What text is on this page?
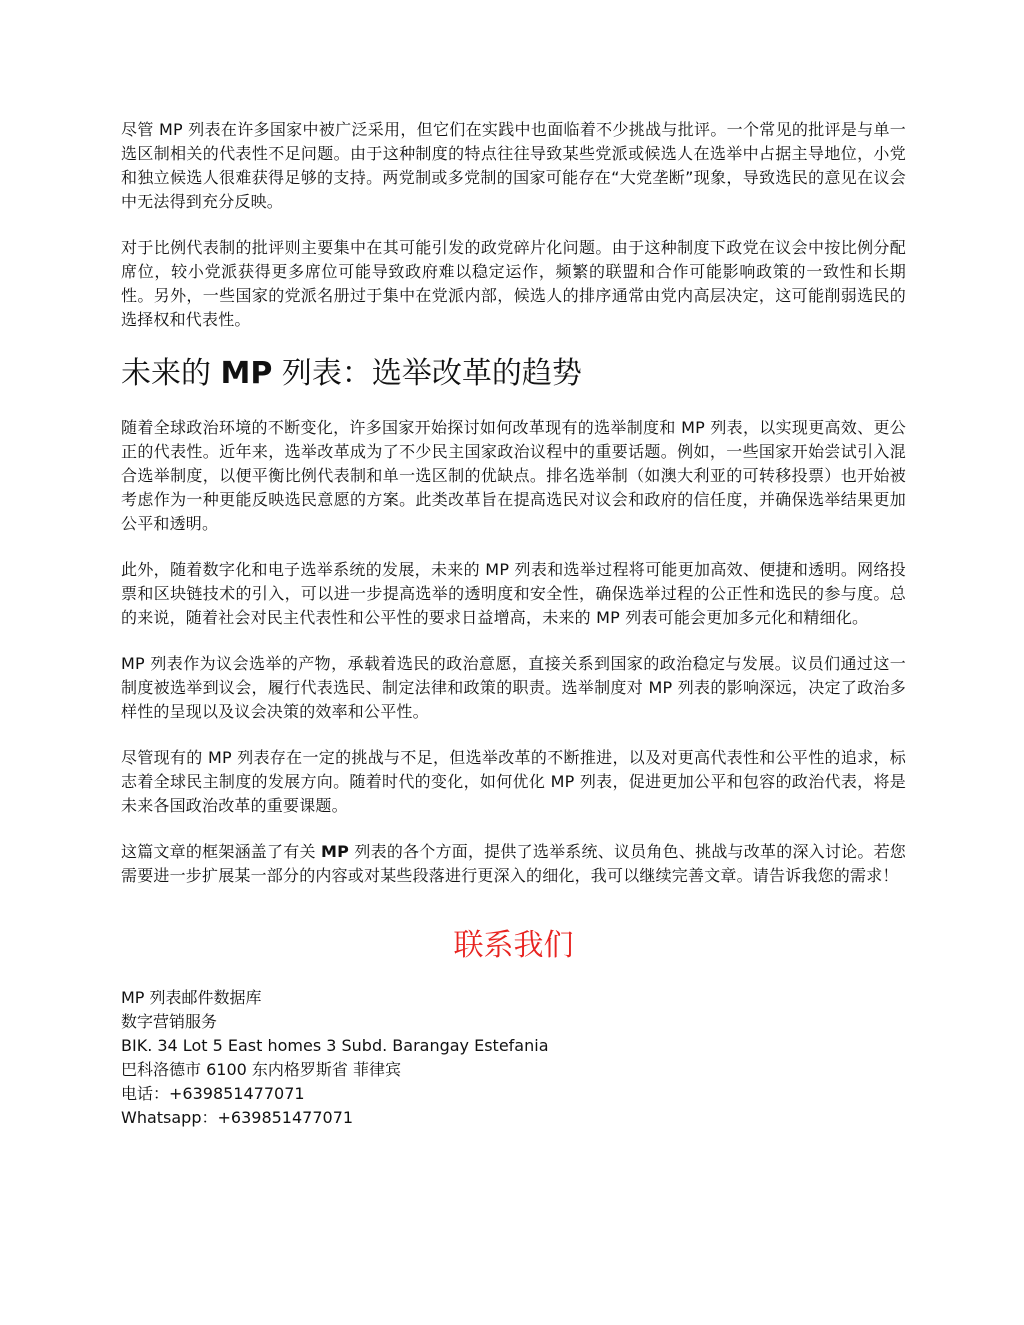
尽管 MP 列表在许多国家中被广泛采用，但它们在实践中也面临着不少挑战与批评。一个常见的批评是与单一选区制相关的代表性不足问题。由于这种制度的特点往往导致某些党派或候选人在选举中占据主导地位，小党和独立候选人很难获得足够的支持。两党制或多党制的国家可能存在“大党垄断”现象，导致选民的意见在议会中无法得到充分反映。

对于比例代表制的批评则主要集中在其可能引发的政党碎片化问题。由于这种制度下政党在议会中按比例分配席位，较小党派获得更多席位可能导致政府难以稳定运作，频繁的联盟和合作可能影响政策的一致性和长期性。另外，一些国家的党派名册过于集中在党派内部，候选人的排序通常由党内高层决定，这可能削弱选民的选择权和代表性。

未来的 MP 列表：选举改革的趋势

随着全球政治环境的不断变化，许多国家开始探讨如何改革现有的选举制度和 MP 列表，以实现更高效、更公正的代表性。近年来，选举改革成为了不少民主国家政治议程中的重要话题。例如，一些国家开始尝试引入混合选举制度，以便平衡比例代表制和单一选区制的优缺点。排名选举制（如澳大利亚的可转移投票）也开始被考虑作为一种更能反映选民意愿的方案。此类改革旨在提高选民对议会和政府的信任度，并确保选举结果更加公平和透明。

此外，随着数字化和电子选举系统的发展，未来的 MP 列表和选举过程将可能更加高效、便捷和透明。网络投票和区块链技术的引入，可以进一步提高选举的透明度和安全性，确保选举过程的公正性和选民的参与度。总的来说，随着社会对民主代表性和公平性的要求日益增高，未来的 MP 列表可能会更加多元化和精细化。

MP 列表作为议会选举的产物，承载着选民的政治意愿，直接关系到国家的政治稳定与发展。议员们通过这一制度被选举到议会，履行代表选民、制定法律和政策的职责。选举制度对 MP 列表的影响深远，决定了政治多样性的呈现以及议会决策的效率和公平性。

尽管现有的 MP 列表存在一定的挑战与不足，但选举改革的不断推进，以及对更高代表性和公平性的追求，标志着全球民主制度的发展方向。随着时代的变化，如何优化 MP 列表，促进更加公平和包容的政治代表，将是未来各国政治改革的重要课题。

这篇文章的框架涵盖了有关 MP 列表的各个方面，提供了选举系统、议员角色、挑战与改革的深入讨论。若您需要进一步扩展某一部分的内容或对某些段落进行更深入的细化，我可以继续完善文章。请告诉我您的需求！

联系我们
MP 列表邮件数据库
数字营销服务
BIK. 34 Lot 5 East homes 3 Subd. Barangay Estefania
巴科洛德市 6100 东内格罗斯省 菲律宾
电话：+639851477071
Whatsapp：+639851477071
